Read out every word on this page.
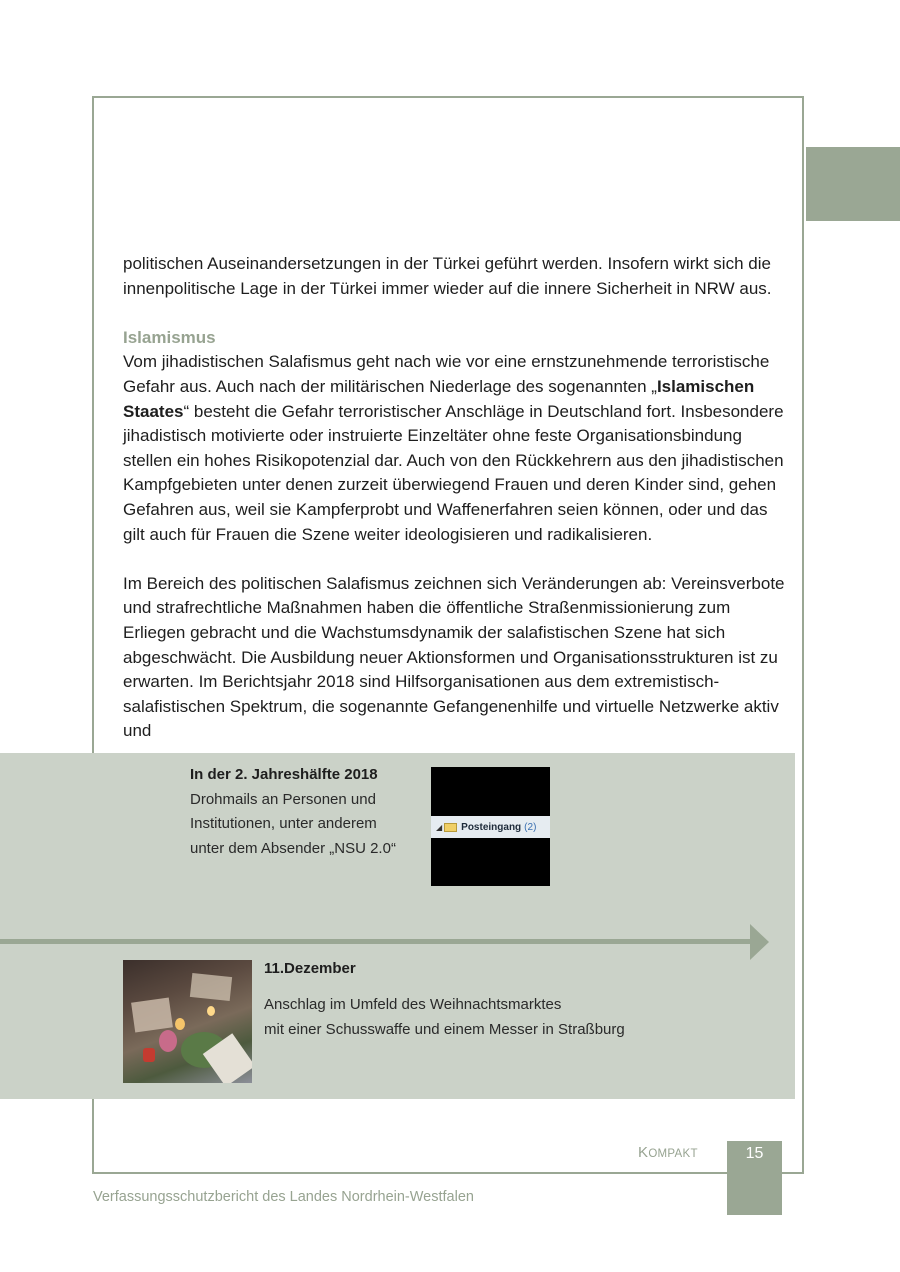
politischen Auseinandersetzungen in der Türkei geführt werden. Insofern wirkt sich die innenpolitische Lage in der Türkei immer wieder auf die innere Sicherheit in NRW aus.

Islamismus

Vom jihadistischen Salafismus geht nach wie vor eine ernstzunehmende terroristische Gefahr aus. Auch nach der militärischen Niederlage des sogenannten „Islamischen Staates“ besteht die Gefahr terroristischer Anschläge in Deutschland fort. Insbesondere jihadistisch motivierte oder instruierte Einzeltäter ohne feste Organisationsbindung stellen ein hohes Risikopotenzial dar. Auch von den Rückkehrern aus den jihadistischen Kampfgebieten unter denen zurzeit überwiegend Frauen und deren Kinder sind, gehen Gefahren aus, weil sie Kampferprobt und Waffenerfahren seien können, oder und das gilt auch für Frauen die Szene weiter ideologisieren und radikalisieren.

Im Bereich des politischen Salafismus zeichnen sich Veränderungen ab: Vereinsverbote und strafrechtliche Maßnahmen haben die öffentliche Straßenmissionierung zum Erliegen gebracht und die Wachstumsdynamik der salafistischen Szene hat sich abgeschwächt. Die Ausbildung neuer Aktionsformen und Organisationsstrukturen ist zu erwarten. Im Berichtsjahr 2018 sind Hilfsorganisationen aus dem extremistisch-salafistischen Spektrum, die sogenannte Gefangenenhilfe und virtuelle Netzwerke aktiv und

In der 2. Jahreshälfte 2018
Drohmails an Personen und
Institutionen, unter anderem
unter dem Absender „NSU 2.0“
◢ Posteingang (2)
11.Dezember
Anschlag im Umfeld des Weihnachtsmarktes
mit einer Schusswaffe und einem Messer in Straßburg
KOMPAKT	15
Verfassungsschutzbericht des Landes Nordrhein-Westfalen
